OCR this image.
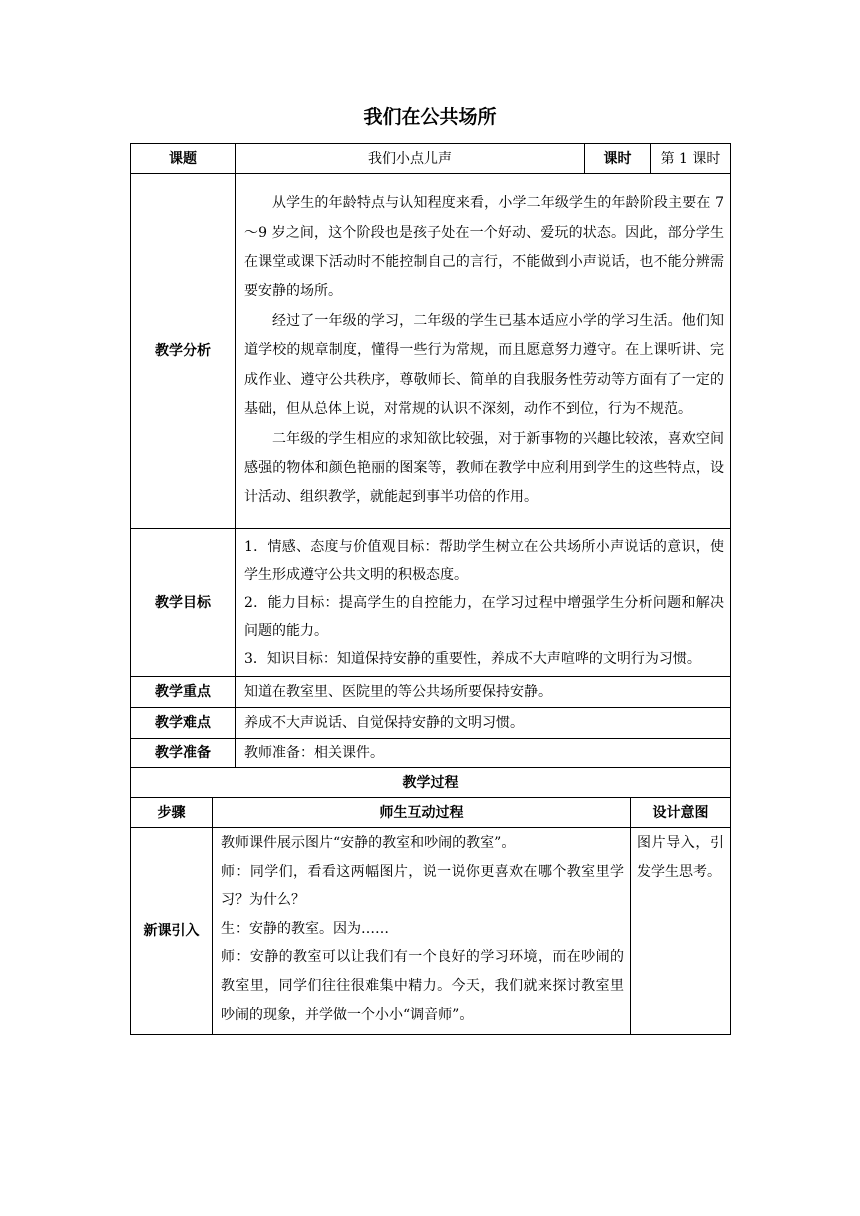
我们在公共场所
课题	我们小点儿声	课时	第 1 课时
教学分析	从学生的年龄特点与认知程度来看，小学二年级学生的年龄阶段主要在 7～9 岁之间，这个阶段也是孩子处在一个好动、爱玩的状态。因此，部分学生在课堂或课下活动时不能控制自己的言行，不能做到小声说话，也不能分辨需要安静的场所。

经过了一年级的学习，二年级的学生已基本适应小学的学习生活。他们知道学校的规章制度，懂得一些行为常规，而且愿意努力遵守。在上课听讲、完成作业、遵守公共秩序，尊敬师长、简单的自我服务性劳动等方面有了一定的基础，但从总体上说，对常规的认识不深刻，动作不到位，行为不规范。

二年级的学生相应的求知欲比较强，对于新事物的兴趣比较浓，喜欢空间感强的物体和颜色艳丽的图案等，教师在教学中应利用到学生的这些特点，设计活动、组织教学，就能起到事半功倍的作用。		

教学目标	1．情感、态度与价值观目标：帮助学生树立在公共场所小声说话的意识，使学生形成遵守公共文明的积极态度。

2．能力目标：提高学生的自控能力，在学习过程中增强学生分析问题和解决问题的能力。

3．知识目标：知道保持安静的重要性，养成不大声喧哗的文明行为习惯。		

教学重点	知道在教室里、医院里的等公共场所要保持安静。		
教学难点	养成不大声说话、自觉保持安静的文明习惯。		
教学准备	教师准备：相关课件。		
教学过程		
步骤	师生互动过程	设计意图
新课引入	教师课件展示图片“安静的教室和吵闹的教室”。

师：同学们，看看这两幅图片，说一说你更喜欢在哪个教室里学习？为什么？

生：安静的教室。因为……

师：安静的教室可以让我们有一个良好的学习环境，而在吵闹的教室里，同学们往往很难集中精力。今天，我们就来探讨教室里吵闹的现象，并学做一个小小“调音师”。	图片导入，引发学生思考。
